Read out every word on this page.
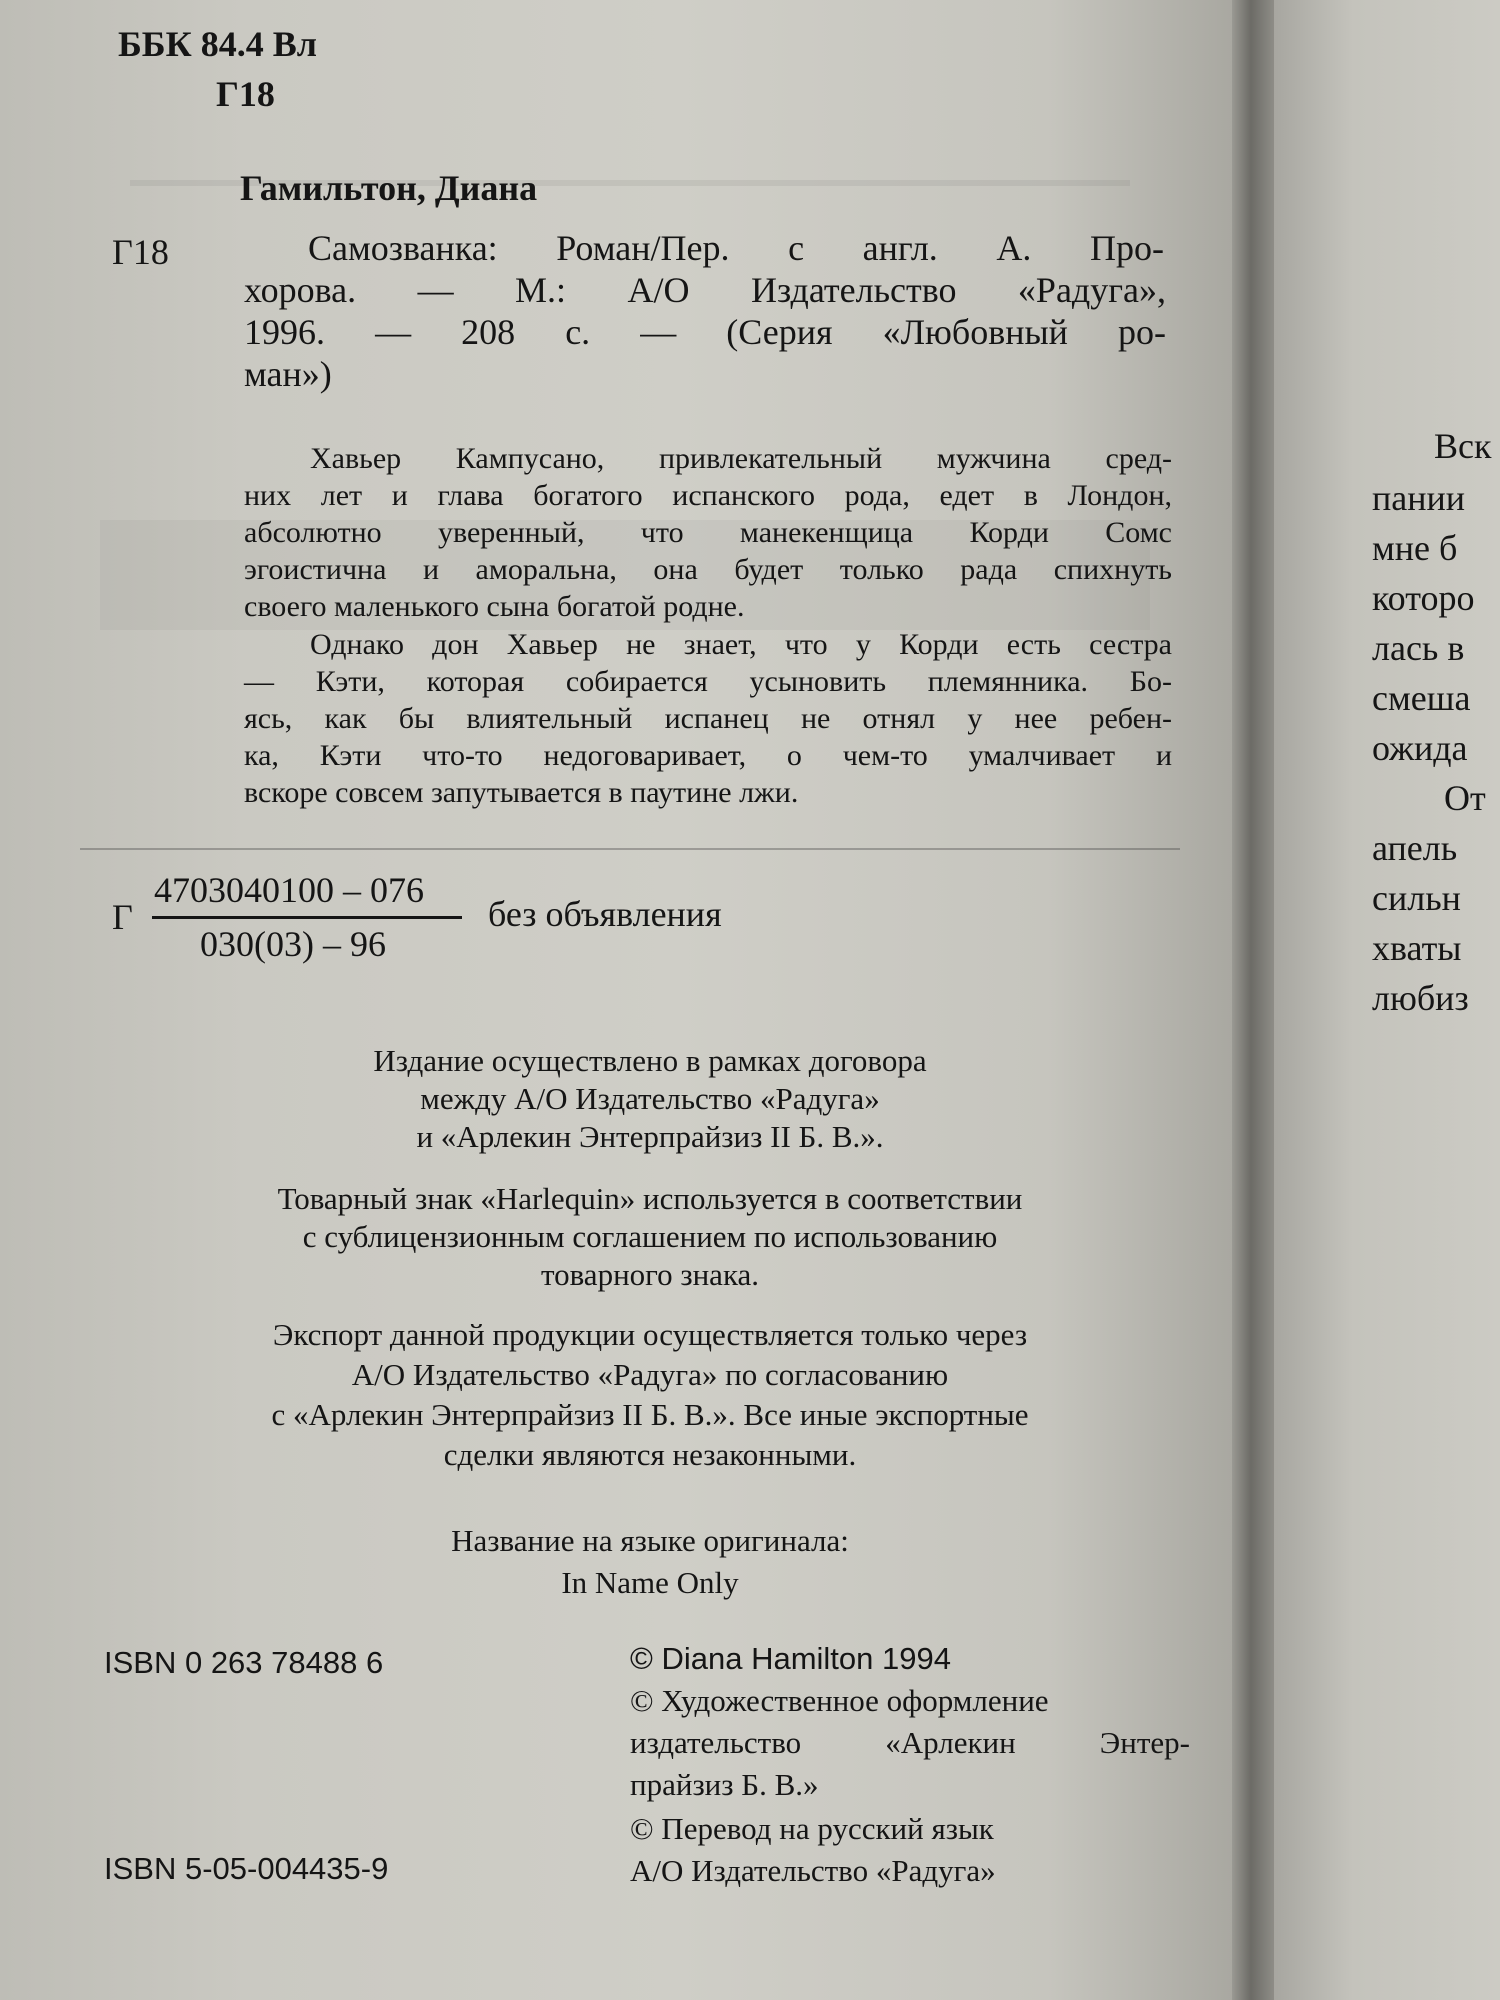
ББК 84.4 Вл
Г18
Гамильтон, Диана
Г18	Самозванка: Роман/Пер. с англ. А. Про-
хорова. — М.: А/О Издательство «Радуга»,
1996. — 208 с. — (Серия «Любовный ро-
ман»)
Хавьер Кампусано, привлекательный мужчина сред-
них лет и глава богатого испанского рода, едет в Лондон,
абсолютно уверенный, что манекенщица Корди Сомс
эгоистична и аморальна, она будет только рада спихнуть
своего маленького сына богатой родне.
Однако дон Хавьер не знает, что у Корди есть сестра
— Кэти, которая собирается усыновить племянника. Бо-
ясь, как бы влиятельный испанец не отнял у нее ребен-
ка, Кэти что-то недоговаривает, о чем-то умалчивает и
вскоре совсем запутывается в паутине лжи.
Г
4703040100 – 076
030(03) – 96
без объявления
Издание осуществлено в рамках договора
между А/О Издательство «Радуга»
и «Арлекин Энтерпрайзиз II Б. В.».
Товарный знак «Harlequin» используется в соответствии
с сублицензионным соглашением по использованию
товарного знака.
Экспорт данной продукции осуществляется только через
А/О Издательство «Радуга» по согласованию
с «Арлекин Энтерпрайзиз II Б. В.». Все иные экспортные
сделки являются незаконными.
Название на языке оригинала:
In Name Only
ISBN 0 263 78488 6
ISBN 5-05-004435-9
© Diana Hamilton 1994
© Художественное оформление
издательство «Арлекин Энтер-
прайзиз Б. В.»
© Перевод на русский язык
А/О Издательство «Радуга»
Вск
пании
мне б
которо
лась в
смеша
ожида
От
апель
сильн
хваты
любиз
